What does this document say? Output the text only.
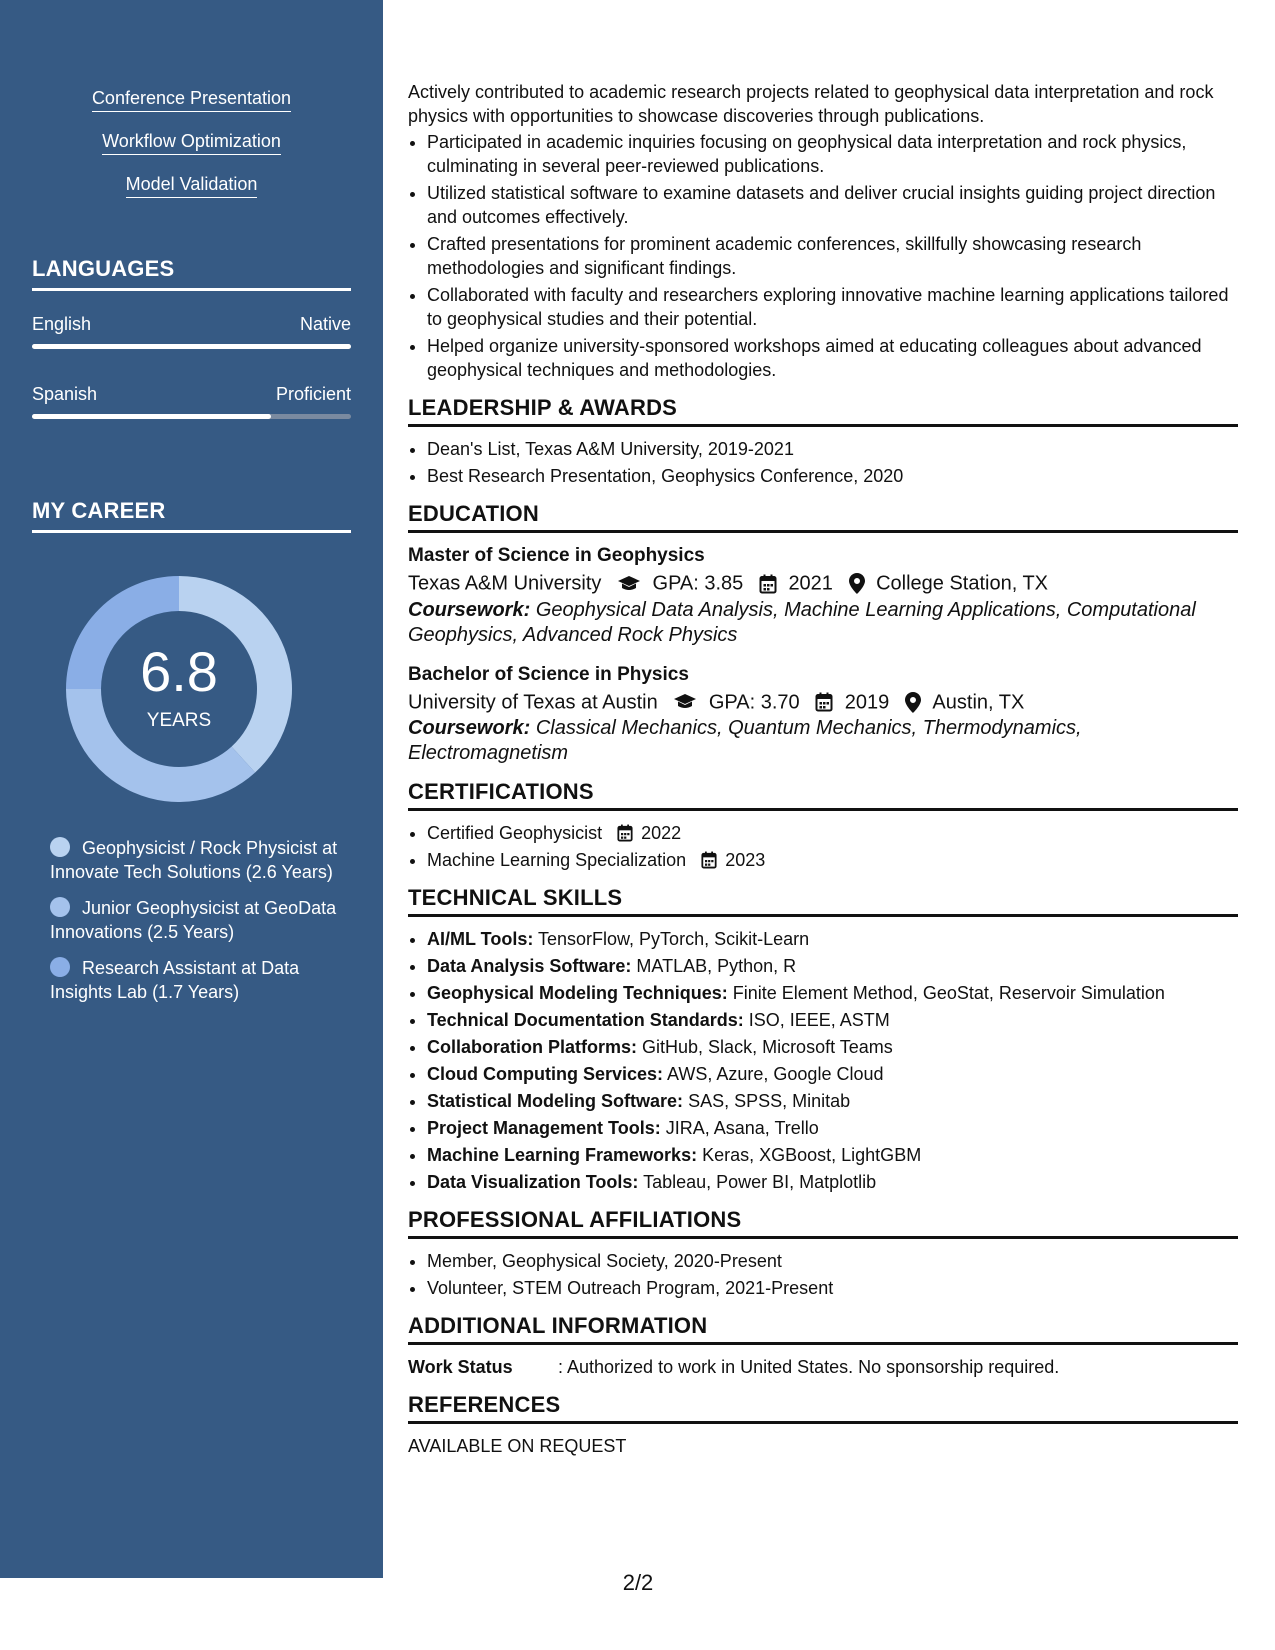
Conference Presentation
Workflow Optimization
Model Validation
LANGUAGES
English	Native
Spanish	Proficient
MY CAREER
6.8
YEARS
Geophysicist / Rock Physicist at Innovate Tech Solutions (2.6 Years)
Junior Geophysicist at GeoData Innovations (2.5 Years)
Research Assistant at Data Insights Lab (1.7 Years)

Actively contributed to academic research projects related to geophysical data interpretation and rock physics with opportunities to showcase discoveries through publications.

• Participated in academic inquiries focusing on geophysical data interpretation and rock physics, culminating in several peer-reviewed publications.
• Utilized statistical software to examine datasets and deliver crucial insights guiding project direction and outcomes effectively.
• Crafted presentations for prominent academic conferences, skillfully showcasing research methodologies and significant findings.
• Collaborated with faculty and researchers exploring innovative machine learning applications tailored to geophysical studies and their potential.
• Helped organize university-sponsored workshops aimed at educating colleagues about advanced geophysical techniques and methodologies.
LEADERSHIP & AWARDS
• Dean's List, Texas A&M University, 2019-2021
• Best Research Presentation, Geophysics Conference, 2020
EDUCATION
Master of Science in Geophysics
Texas A&M University	GPA: 3.85 2021 College Station, TX
Coursework: Geophysical Data Analysis, Machine Learning Applications, Computational Geophysics, Advanced Rock Physics
Bachelor of Science in Physics
University of Texas at Austin	GPA: 3.70 2019 Austin, TX
Coursework: Classical Mechanics, Quantum Mechanics, Thermodynamics, Electromagnetism
CERTIFICATIONS
• Certified Geophysicist 2022
• Machine Learning Specialization 2023
TECHNICAL SKILLS
• AI/ML Tools: TensorFlow, PyTorch, Scikit-Learn
• Data Analysis Software: MATLAB, Python, R
• Geophysical Modeling Techniques: Finite Element Method, GeoStat, Reservoir Simulation
• Technical Documentation Standards: ISO, IEEE, ASTM
• Collaboration Platforms: GitHub, Slack, Microsoft Teams
• Cloud Computing Services: AWS, Azure, Google Cloud
• Statistical Modeling Software: SAS, SPSS, Minitab
• Project Management Tools: JIRA, Asana, Trello
• Machine Learning Frameworks: Keras, XGBoost, LightGBM
• Data Visualization Tools: Tableau, Power BI, Matplotlib
PROFESSIONAL AFFILIATIONS
• Member, Geophysical Society, 2020-Present
• Volunteer, STEM Outreach Program, 2021-Present
ADDITIONAL INFORMATION
Work Status	: Authorized to work in United States. No sponsorship required.
REFERENCES
AVAILABLE ON REQUEST
2/2
